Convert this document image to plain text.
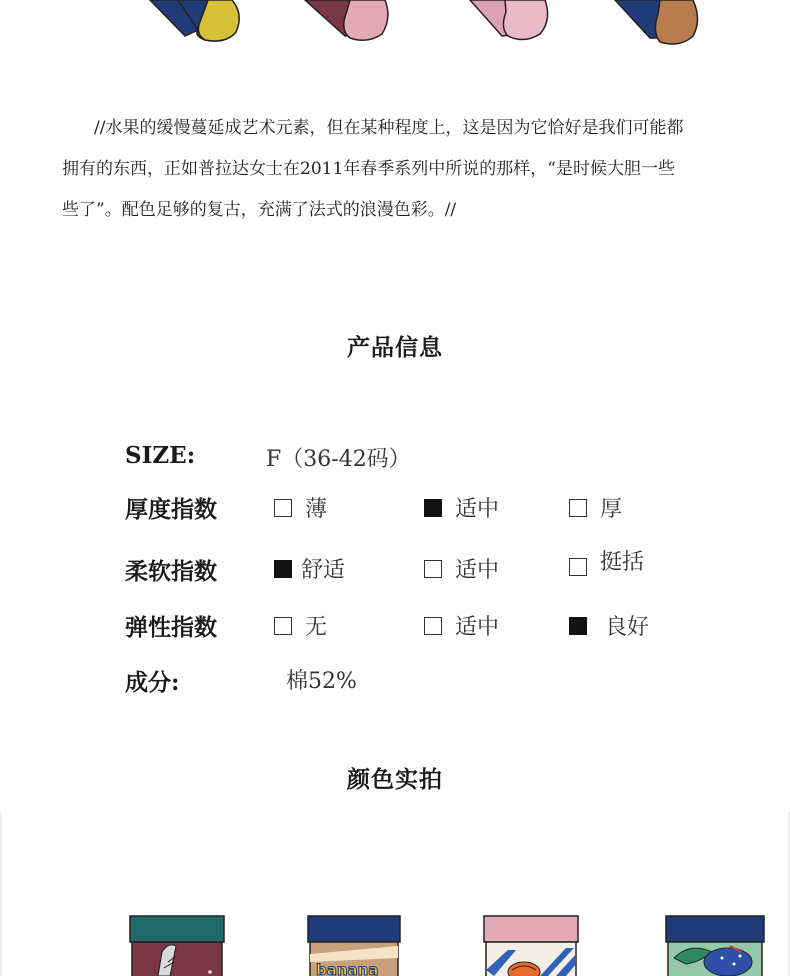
//水果的缓慢蔓延成艺术元素，但在某种程度上，这是因为它恰好是我们可能都

拥有的东西，正如普拉达女士在2011年春季系列中所说的那样，“是时候大胆一些

些了”。配色足够的复古，充满了法式的浪漫色彩。//

产品信息
SIZE:	F（36-42码）
厚度指数	薄	适中	厚
柔软指数	舒适	适中	挺括
弹性指数	无	适中	良好
成分:	棉52%
颜色实拍
banana
